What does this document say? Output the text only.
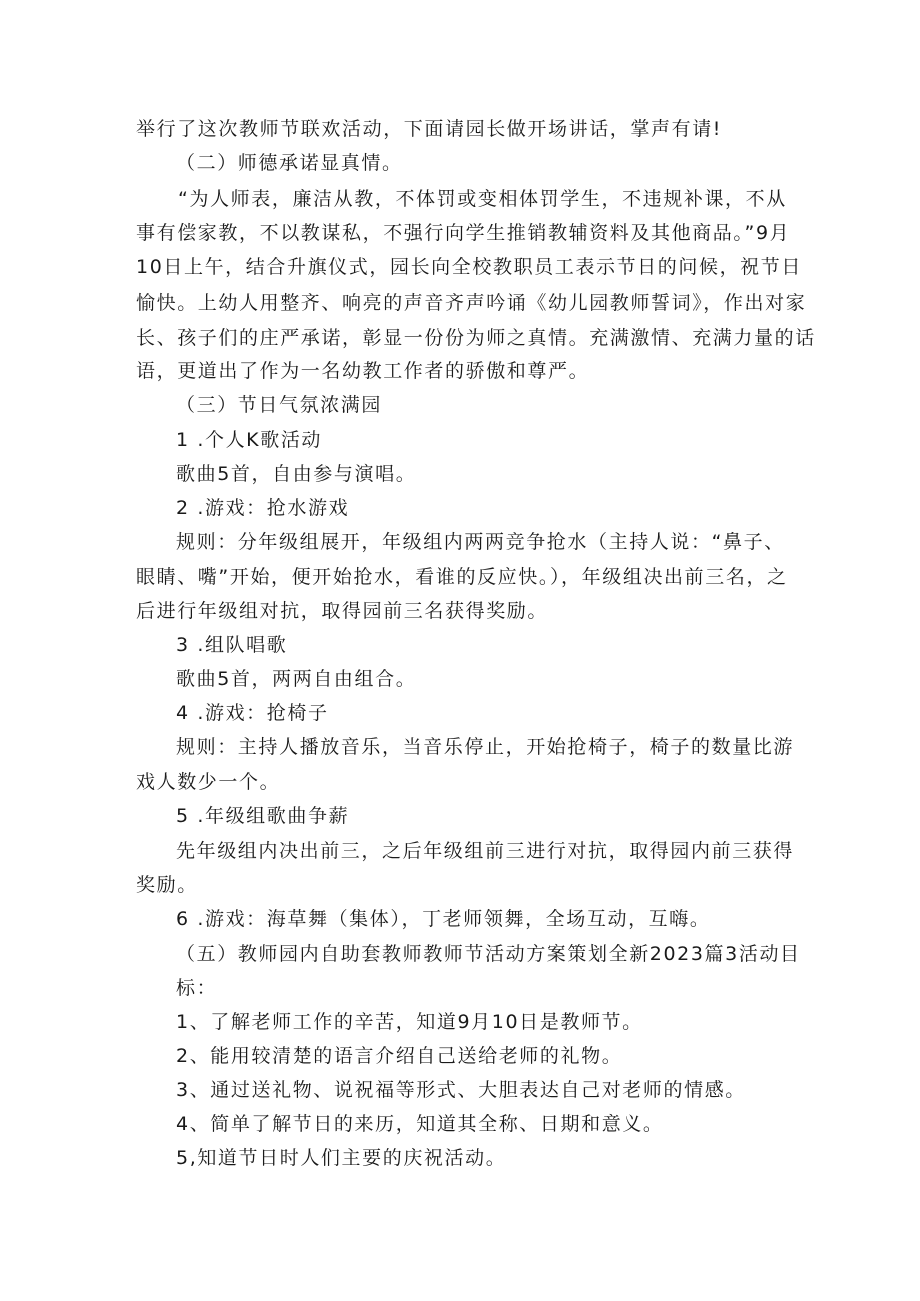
举行了这次教师节联欢活动，下面请园长做开场讲话，掌声有请!
（二）师德承诺显真情。
“为人师表，廉洁从教，不体罚或变相体罚学生，不违规补课，不从
事有偿家教，不以教谋私，不强行向学生推销教辅资料及其他商品。”9月
10日上午，结合升旗仪式，园长向全校教职员工表示节日的问候，祝节日
愉快。上幼人用整齐、响亮的声音齐声吟诵《幼儿园教师誓词》，作出对家
长、孩子们的庄严承诺，彰显一份份为师之真情。充满激情、充满力量的话
语，更道出了作为一名幼教工作者的骄傲和尊严。
（三）节日气氛浓满园
1 .个人K歌活动
歌曲5首，自由参与演唱。
2 .游戏：抢水游戏
规则：分年级组展开，年级组内两两竞争抢水（主持人说：“鼻子、
眼睛、嘴”开始，便开始抢水，看谁的反应快。），年级组决出前三名，之
后进行年级组对抗，取得园前三名获得奖励。
3 .组队唱歌
歌曲5首，两两自由组合。
4 .游戏：抢椅子
规则：主持人播放音乐，当音乐停止，开始抢椅子，椅子的数量比游
戏人数少一个。
5 .年级组歌曲争薪
先年级组内决出前三，之后年级组前三进行对抗，取得园内前三获得
奖励。
6 .游戏：海草舞（集体），丁老师领舞，全场互动，互嗨。
（五）教师园内自助套教师教师节活动方案策划全新2023篇3活动目
标：
1、了解老师工作的辛苦，知道9月10日是教师节。
2、能用较清楚的语言介绍自己送给老师的礼物。
3、通过送礼物、说祝福等形式、大胆表达自己对老师的情感。
4、简单了解节日的来历，知道其全称、日期和意义。
5,知道节日时人们主要的庆祝活动。
